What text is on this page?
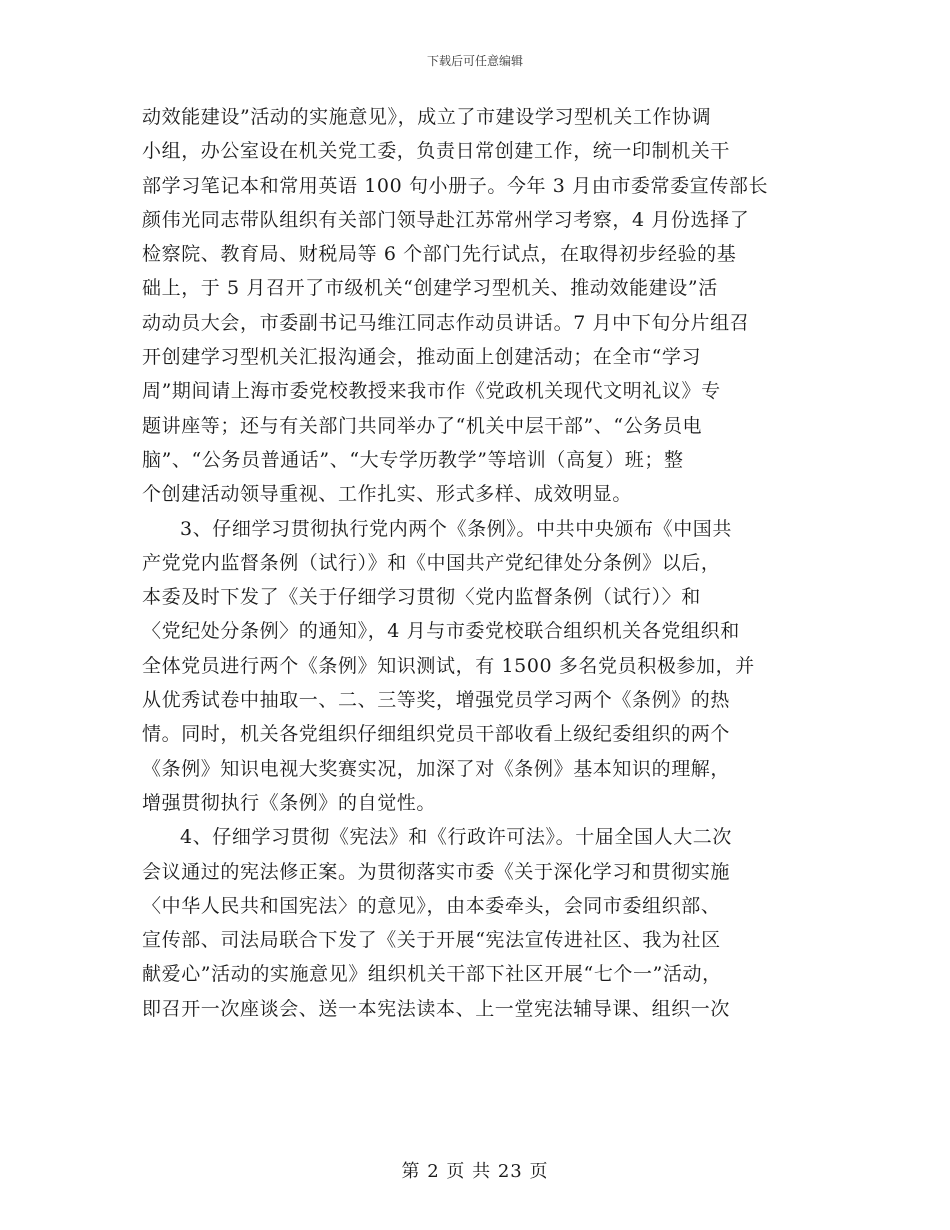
下载后可任意编辑
动效能建设”活动的实施意见》，成立了市建设学习型机关工作协调
小组，办公室设在机关党工委，负责日常创建工作，统一印制机关干
部学习笔记本和常用英语 100 句小册子。今年 3 月由市委常委宣传部长
颜伟光同志带队组织有关部门领导赴江苏常州学习考察，4 月份选择了
检察院、教育局、财税局等 6 个部门先行试点，在取得初步经验的基
础上，于 5 月召开了市级机关“创建学习型机关、推动效能建设”活
动动员大会，市委副书记马维江同志作动员讲话。7 月中下旬分片组召
开创建学习型机关汇报沟通会，推动面上创建活动；在全市“学习
周”期间请上海市委党校教授来我市作《党政机关现代文明礼议》专
题讲座等；还与有关部门共同举办了“机关中层干部”、“公务员电
脑”、“公务员普通话”、“大专学历教学”等培训（高复）班；整
个创建活动领导重视、工作扎实、形式多样、成效明显。
3、仔细学习贯彻执行党内两个《条例》。中共中央颁布《中国共
产党党内监督条例（试行）》和《中国共产党纪律处分条例》以后，
本委及时下发了《关于仔细学习贯彻〈党内监督条例（试行）〉和
〈党纪处分条例〉的通知》，4 月与市委党校联合组织机关各党组织和
全体党员进行两个《条例》知识测试，有 1500 多名党员积极参加，并
从优秀试卷中抽取一、二、三等奖，增强党员学习两个《条例》的热
情。同时，机关各党组织仔细组织党员干部收看上级纪委组织的两个
《条例》知识电视大奖赛实况，加深了对《条例》基本知识的理解，
增强贯彻执行《条例》的自觉性。
4、仔细学习贯彻《宪法》和《行政许可法》。十届全国人大二次
会议通过的宪法修正案。为贯彻落实市委《关于深化学习和贯彻实施
〈中华人民共和国宪法〉的意见》，由本委牵头，会同市委组织部、
宣传部、司法局联合下发了《关于开展“宪法宣传进社区、我为社区
献爱心”活动的实施意见》组织机关干部下社区开展“七个一”活动，
即召开一次座谈会、送一本宪法读本、上一堂宪法辅导课、组织一次
第 2 页 共 23 页
